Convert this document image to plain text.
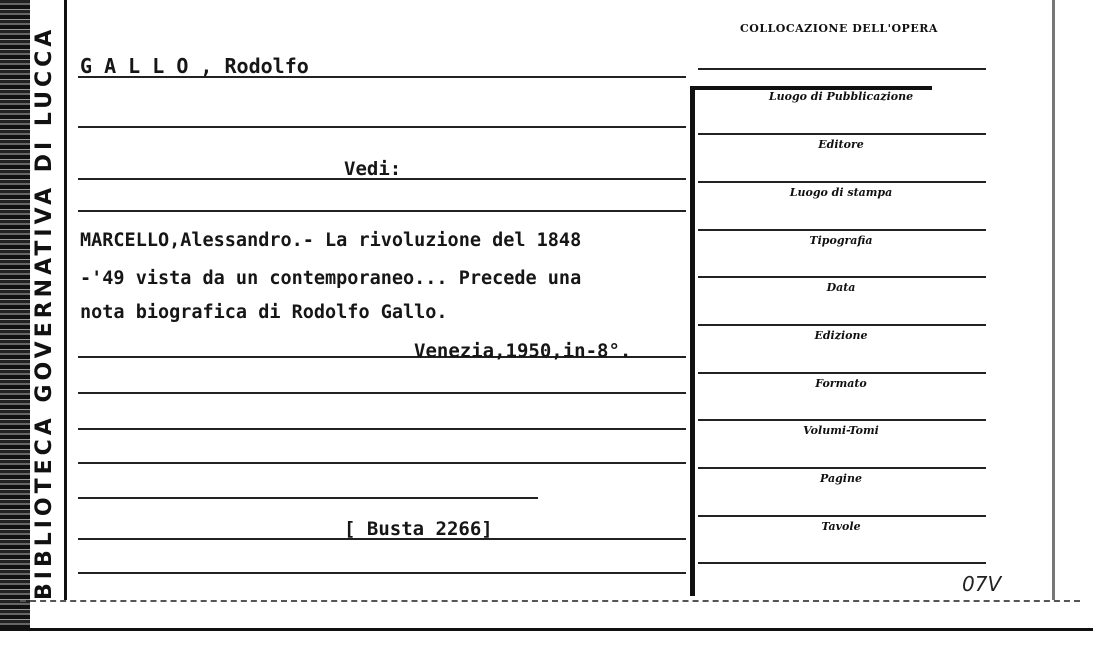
BIBLIOTECA GOVERNATIVA DI LUCCA	COLLOCAZIONE DELL'OPERA
Luogo di Pubblicazione
Editore
Luogo di stampa
Tipografia
Data
Edizione
Formato
Volumi-Tomi
Pagine
Tavole
G A L L O , Rodolfo
Vedi:
MARCELLO,Alessandro.- La rivoluzione del 1848
-'49 vista da un contemporaneo... Precede una
nota biografica di Rodolfo Gallo.
Venezia,1950,in-8°.
[ Busta 2266]
07V
